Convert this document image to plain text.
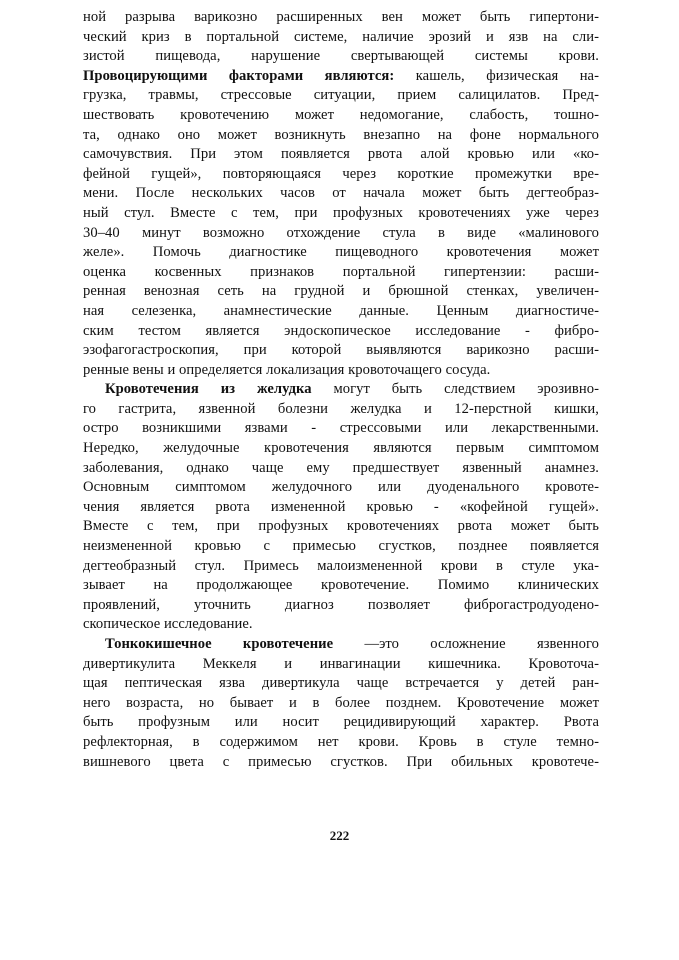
ной разрыва варикозно расширенных вен может быть гипертони-
ческий криз в портальной системе, наличие эрозий и язв на сли-
зистой пищевода, нарушение свертывающей системы крови.
Провоцирующими факторами являются: кашель, физическая на-
грузка, травмы, стрессовые ситуации, прием салицилатов. Пред-
шествовать кровотечению может недомогание, слабость, тошно-
та, однако оно может возникнуть внезапно на фоне нормального
самочувствия. При этом появляется рвота алой кровью или «ко-
фейной гущей», повторяющаяся через короткие промежутки вре-
мени. После нескольких часов от начала может быть дегтеобраз-
ный стул. Вместе с тем, при профузных кровотечениях уже через
30–40 минут возможно отхождение стула в виде «малинового
желе». Помочь диагностике пищеводного кровотечения может
оценка косвенных признаков портальной гипертензии: расши-
ренная венозная сеть на грудной и брюшной стенках, увеличен-
ная селезенка, анамнестические данные. Ценным диагностиче-
ским тестом является эндоскопическое исследование - фибро-
эзофагогастроскопия, при которой выявляются варикозно расши-
ренные вены и определяется локализация кровоточащего сосуда.
Кровотечения из желудка могут быть следствием эрозивно-
го гастрита, язвенной болезни желудка и 12-перстной кишки,
остро возникшими язвами - стрессовыми или лекарственными.
Нередко, желудочные кровотечения являются первым симптомом
заболевания, однако чаще ему предшествует язвенный анамнез.
Основным симптомом желудочного или дуоденального кровоте-
чения является рвота измененной кровью - «кофейной гущей».
Вместе с тем, при профузных кровотечениях рвота может быть
неизмененной кровью с примесью сгустков, позднее появляется
дегтеобразный стул. Примесь малоизмененной крови в стуле ука-
зывает на продолжающее кровотечение. Помимо клинических
проявлений, уточнить диагноз позволяет фиброгастродуодено-
скопическое исследование.
Тонкокишечное кровотечение —это осложнение язвенного
дивертикулита Меккеля и инвагинации кишечника. Кровоточа-
щая пептическая язва дивертикула чаще встречается у детей ран-
него возраста, но бывает и в более позднем. Кровотечение может
быть профузным или носит рецидивирующий характер. Рвота
рефлекторная, в содержимом нет крови. Кровь в стуле темно-
вишневого цвета с примесью сгустков. При обильных кровотече-
222
